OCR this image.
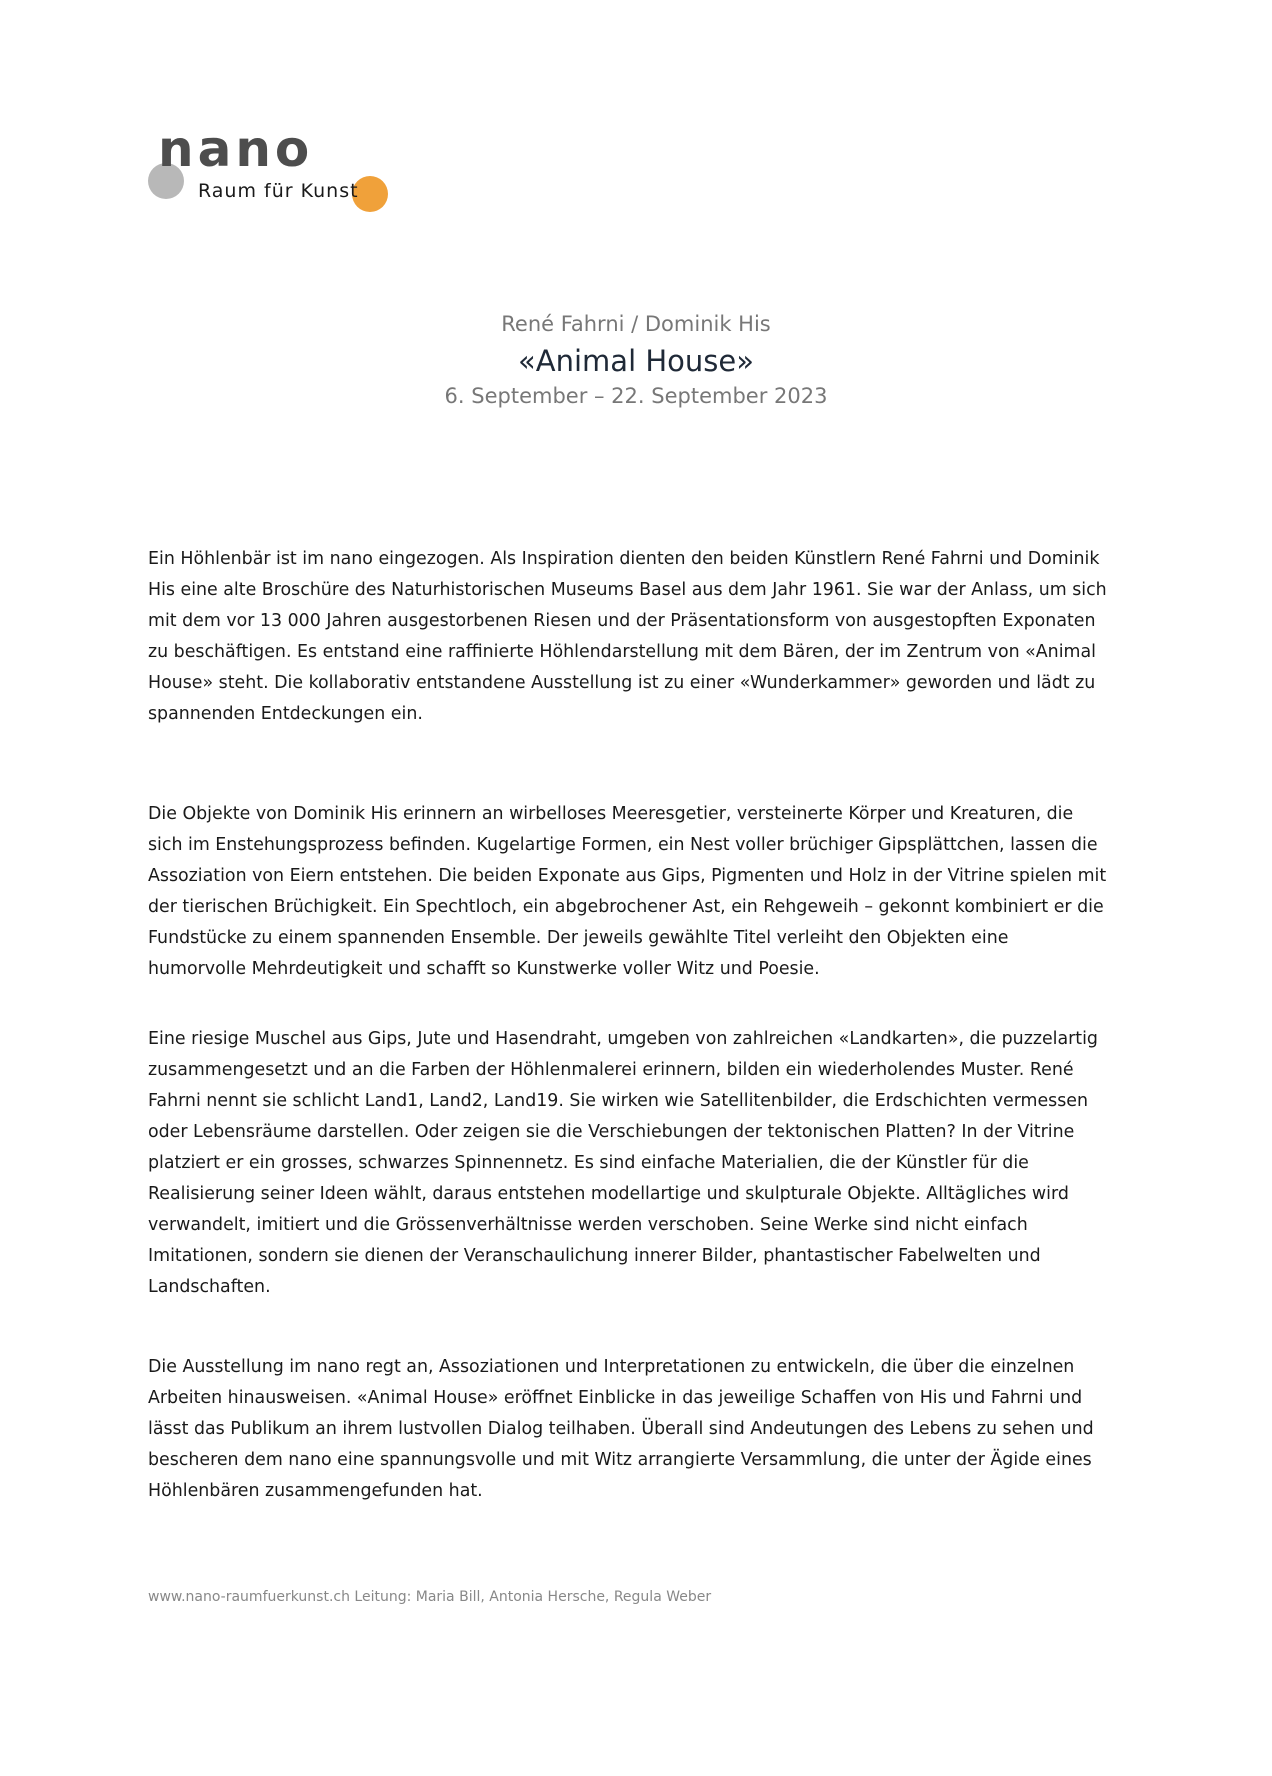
nano
Raum für Kunst
René Fahrni / Dominik His
«Animal House»
6. September – 22. September 2023

Ein Höhlenbär ist im nano eingezogen. Als Inspiration dienten den beiden Künstlern René Fahrni und Dominik His eine alte Broschüre des Naturhistorischen Museums Basel aus dem Jahr 1961. Sie war der Anlass, um sich mit dem vor 13 000 Jahren ausgestorbenen Riesen und der Präsentationsform von ausgestopften Exponaten zu beschäftigen. Es entstand eine raffinierte Höhlendarstellung mit dem Bären, der im Zentrum von «Animal House» steht. Die kollaborativ entstandene Ausstellung ist zu einer «Wunderkammer» geworden und lädt zu spannenden Entdeckungen ein.

Die Objekte von Dominik His erinnern an wirbelloses Meeresgetier, versteinerte Körper und Kreaturen, die sich im Enstehungsprozess befinden. Kugelartige Formen, ein Nest voller brüchiger Gipsplättchen, lassen die Assoziation von Eiern entstehen. Die beiden Exponate aus Gips, Pigmenten und Holz in der Vitrine spielen mit der tierischen Brüchigkeit. Ein Spechtloch, ein abgebrochener Ast, ein Rehgeweih – gekonnt kombiniert er die Fundstücke zu einem spannenden Ensemble. Der jeweils gewählte Titel verleiht den Objekten eine humorvolle Mehrdeutigkeit und schafft so Kunstwerke voller Witz und Poesie.

Eine riesige Muschel aus Gips, Jute und Hasendraht, umgeben von zahlreichen «Landkarten», die puzzelartig zusammengesetzt und an die Farben der Höhlenmalerei erinnern, bilden ein wiederholendes Muster. René Fahrni nennt sie schlicht Land1, Land2, Land19. Sie wirken wie Satellitenbilder, die Erdschichten vermessen oder Lebensräume darstellen. Oder zeigen sie die Verschiebungen der tektonischen Platten? In der Vitrine platziert er ein grosses, schwarzes Spinnennetz. Es sind einfache Materialien, die der Künstler für die Realisierung seiner Ideen wählt, daraus entstehen modellartige und skulpturale Objekte. Alltägliches wird verwandelt, imitiert und die Grössenverhältnisse werden verschoben. Seine Werke sind nicht einfach Imitationen, sondern sie dienen der Veranschaulichung innerer Bilder, phantastischer Fabelwelten und Landschaften.

Die Ausstellung im nano regt an, Assoziationen und Interpretationen zu entwickeln, die über die einzelnen Arbeiten hinausweisen. «Animal House» eröffnet Einblicke in das jeweilige Schaffen von His und Fahrni und lässt das Publikum an ihrem lustvollen Dialog teilhaben. Überall sind Andeutungen des Lebens zu sehen und bescheren dem nano eine spannungsvolle und mit Witz arrangierte Versammlung, die unter der Ägide eines Höhlenbären zusammengefunden hat.

www.nano-raumfuerkunst.ch Leitung: Maria Bill, Antonia Hersche, Regula Weber
